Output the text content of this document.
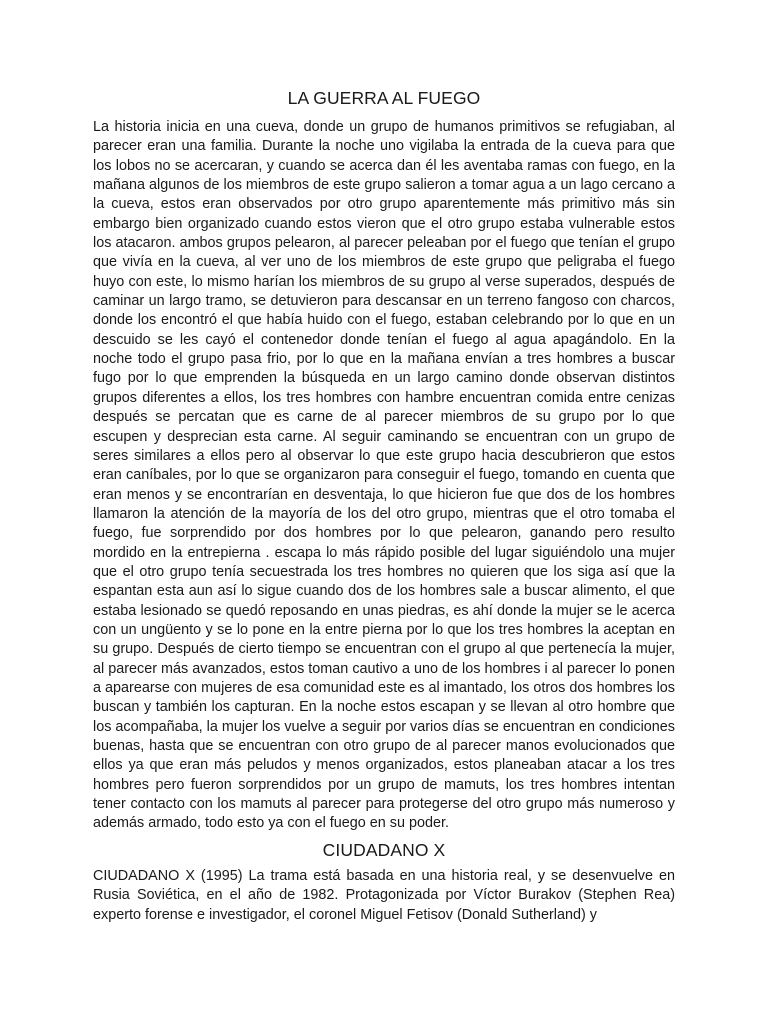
LA GUERRA AL FUEGO

La historia inicia en una cueva, donde un grupo de humanos primitivos se refugiaban, al parecer eran una familia. Durante la noche uno vigilaba la entrada de la cueva para que los lobos no se acercaran, y cuando se acerca dan él les aventaba ramas con fuego, en la mañana algunos de los miembros de este grupo salieron a tomar agua a un lago cercano a la cueva, estos eran observados por otro grupo aparentemente más primitivo más sin embargo bien organizado cuando estos vieron que el otro grupo estaba vulnerable estos los atacaron. ambos grupos pelearon, al parecer peleaban por el fuego que tenían el grupo que vivía en la cueva, al ver uno de los miembros de este grupo que peligraba el fuego huyo con este, lo mismo harían los miembros de su grupo al verse superados, después de caminar un largo tramo, se detuvieron para descansar en un terreno fangoso con charcos, donde los encontró el que había huido con el fuego, estaban celebrando por lo que en un descuido se les cayó el contenedor donde tenían el fuego al agua apagándolo. En la noche todo el grupo pasa frio, por lo que en la mañana envían a tres hombres a buscar fugo por lo que emprenden la búsqueda en un largo camino donde observan distintos grupos diferentes a ellos, los tres hombres con hambre encuentran comida entre cenizas después se percatan que es carne de al parecer miembros de su grupo por lo que escupen y desprecian esta carne. Al seguir caminando se encuentran con un grupo de seres similares a ellos pero al observar lo que este grupo hacia descubrieron que estos eran caníbales, por lo que se organizaron para conseguir el fuego, tomando en cuenta que eran menos y se encontrarían en desventaja, lo que hicieron fue que dos de los hombres llamaron la atención de la mayoría de los del otro grupo, mientras que el otro tomaba el fuego, fue sorprendido por dos hombres por lo que pelearon, ganando pero resulto mordido en la entrepierna . escapa lo más rápido posible del lugar siguiéndolo una mujer que el otro grupo tenía secuestrada los tres hombres no quieren que los siga así que la espantan esta aun así lo sigue cuando dos de los hombres sale a buscar alimento, el que estaba lesionado se quedó reposando en unas piedras, es ahí donde la mujer se le acerca con un ungüento y se lo pone en la entre pierna por lo que los tres hombres la aceptan en su grupo. Después de cierto tiempo se encuentran con el grupo al que pertenecía la mujer, al parecer más avanzados, estos toman cautivo a uno de los hombres i al parecer lo ponen a aparearse con mujeres de esa comunidad este es al imantado, los otros dos hombres los buscan y también los capturan. En la noche estos escapan y se llevan al otro hombre que los acompañaba, la mujer los vuelve a seguir por varios días se encuentran en condiciones buenas, hasta que se encuentran con otro grupo de al parecer manos evolucionados que ellos ya que eran más peludos y menos organizados, estos planeaban atacar a los tres hombres pero fueron sorprendidos por un grupo de mamuts, los tres hombres intentan tener contacto con los mamuts al parecer para protegerse del otro grupo más numeroso y además armado, todo esto ya con el fuego en su poder.

CIUDADANO X

CIUDADANO X (1995) La trama está basada en una historia real, y se desenvuelve en Rusia Soviética, en el año de 1982. Protagonizada por Víctor Burakov (Stephen Rea) experto forense e investigador, el coronel Miguel Fetisov (Donald Sutherland) y
